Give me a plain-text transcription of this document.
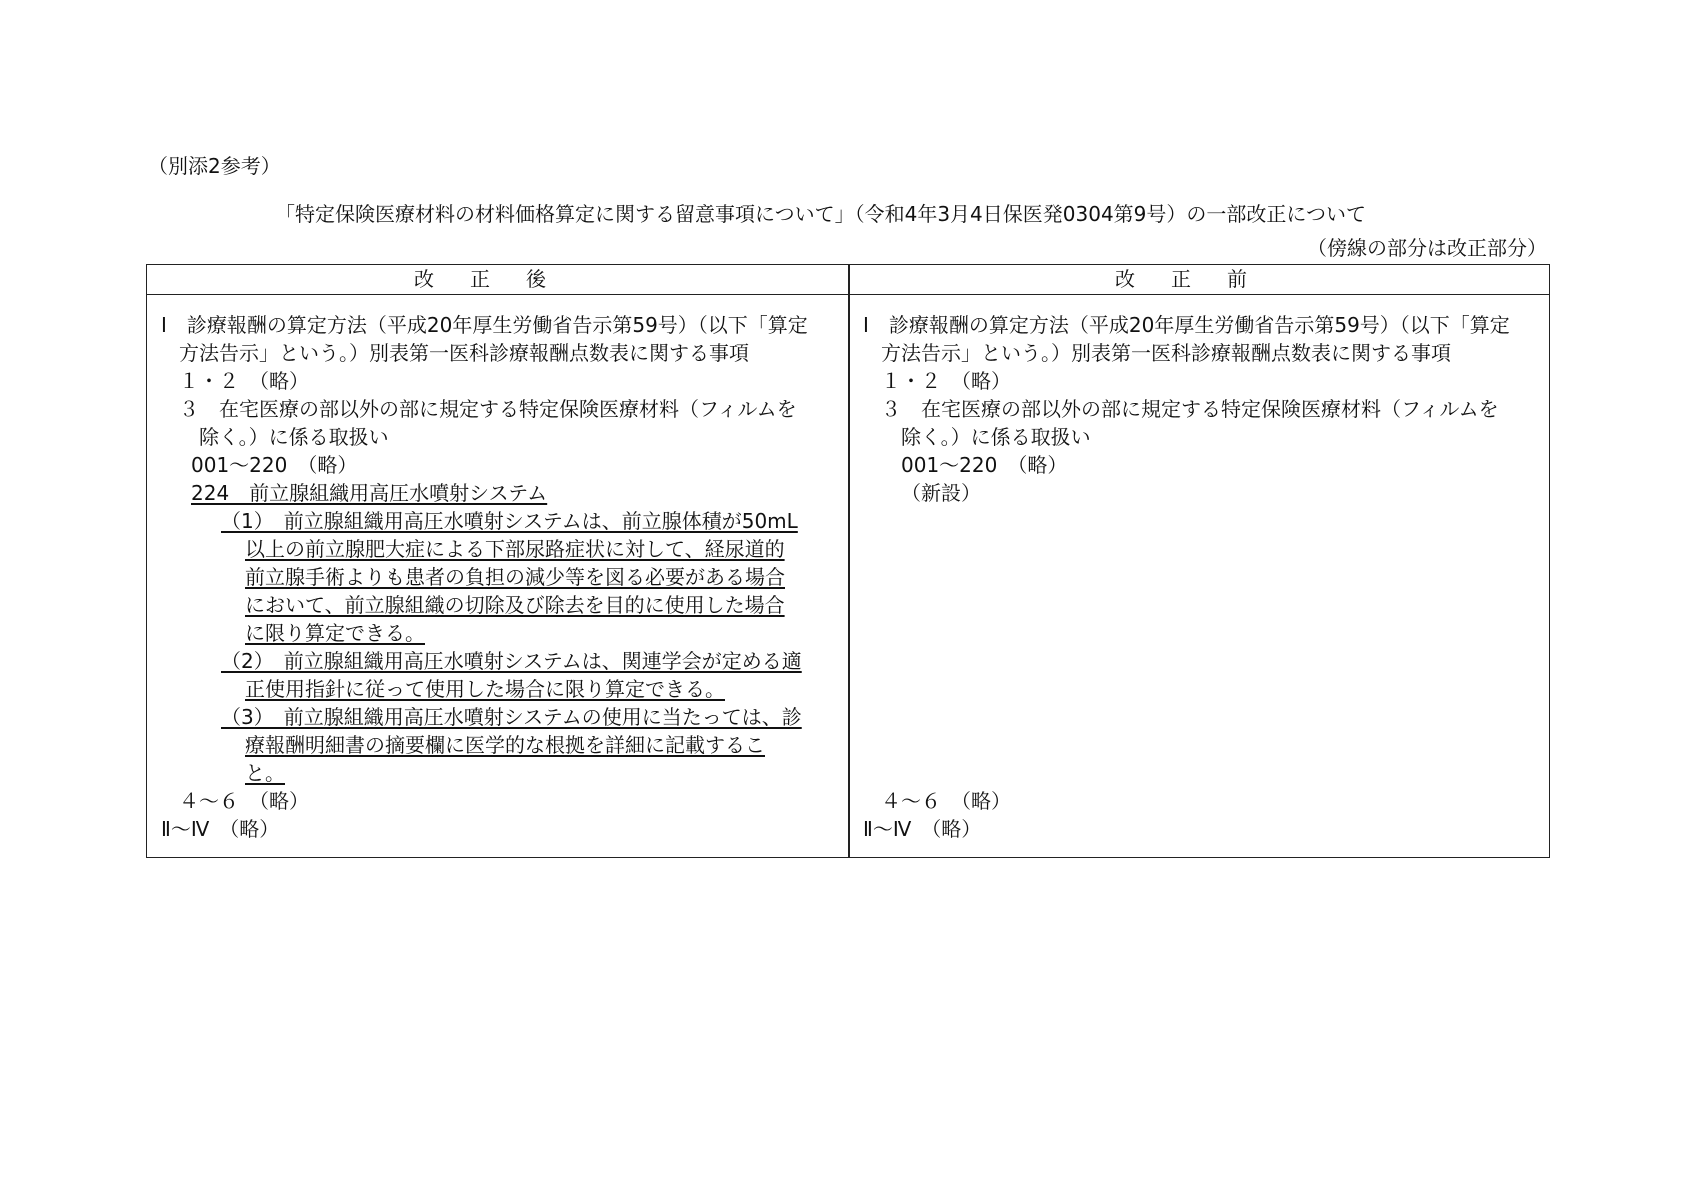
（別添2参考）
「特定保険医療材料の材料価格算定に関する留意事項について」（令和4年3月4日保医発0304第9号）の一部改正について
（傍線の部分は改正部分）
改正後	改正前
Ⅰ　診療報酬の算定方法（平成20年厚生労働省告示第59号）（以下「算定
方法告示」という。）別表第一医科診療報酬点数表に関する事項
１・２　（略）
３　在宅医療の部以外の部に規定する特定保険医療材料（フィルムを
除く。）に係る取扱い
001～220　（略）
224　前立腺組織用高圧水噴射システム
（1）　前立腺組織用高圧水噴射システムは、前立腺体積が50mL
以上の前立腺肥大症による下部尿路症状に対して、経尿道的
前立腺手術よりも患者の負担の減少等を図る必要がある場合
において、前立腺組織の切除及び除去を目的に使用した場合
に限り算定できる。
（2）　前立腺組織用高圧水噴射システムは、関連学会が定める適
正使用指針に従って使用した場合に限り算定できる。
（3）　前立腺組織用高圧水噴射システムの使用に当たっては、診
療報酬明細書の摘要欄に医学的な根拠を詳細に記載するこ
と。
４～６　（略）
Ⅱ～Ⅳ　（略）
Ⅰ　診療報酬の算定方法（平成20年厚生労働省告示第59号）（以下「算定
方法告示」という。）別表第一医科診療報酬点数表に関する事項
１・２　（略）
３　在宅医療の部以外の部に規定する特定保険医療材料（フィルムを
除く。）に係る取扱い
001～220　（略）
（新設）
４～６　（略）
Ⅱ～Ⅳ　（略）
